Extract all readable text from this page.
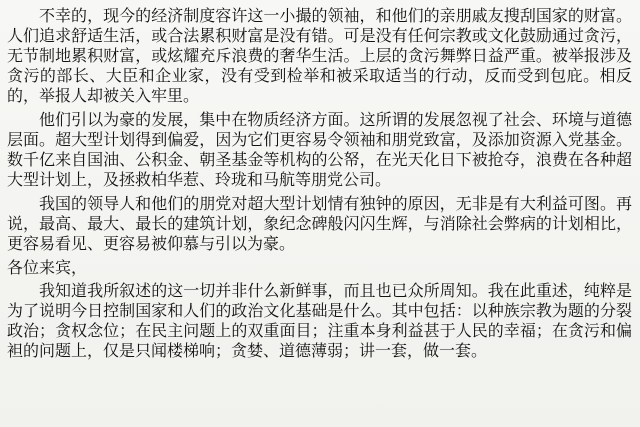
不幸的，现今的经济制度容许这一小撮的领袖，和他们的亲朋戚友搜刮国家的财富。人们追求舒适生活，或合法累积财富是没有错。可是没有任何宗教或文化鼓励通过贪污，无节制地累积财富，或炫耀充斥浪费的奢华生活。上层的贪污舞弊日益严重。被举报涉及贪污的部长、大臣和企业家，没有受到检举和被采取适当的行动，反而受到包庇。相反的，举报人却被关入牢里。

他们引以为豪的发展，集中在物质经济方面。这所谓的发展忽视了社会、环境与道德层面。超大型计划得到偏爱，因为它们更容易令领袖和朋党致富，及添加资源入党基金。数千亿来自国油、公积金、朝圣基金等机构的公帑，在光天化日下被抢夺，浪费在各种超大型计划上，及拯救柏华惹、玲珑和马航等朋党公司。

我国的领导人和他们的朋党对超大型计划情有独钟的原因，无非是有大利益可图。再说，最高、最大、最长的建筑计划，象纪念碑般闪闪生辉，与消除社会弊病的计划相比，更容易看见、更容易被仰慕与引以为豪。

各位来宾，

我知道我所叙述的这一切并非什么新鲜事，而且也已众所周知。我在此重述，纯粹是为了说明今日控制国家和人们的政治文化基础是什么。其中包括：以种族宗教为题的分裂政治；贪权念位；在民主问题上的双重面目；注重本身利益甚于人民的幸福；在贪污和偏袒的问题上，仅是只闻楼梯响；贪婪、道德薄弱；讲一套，做一套。
